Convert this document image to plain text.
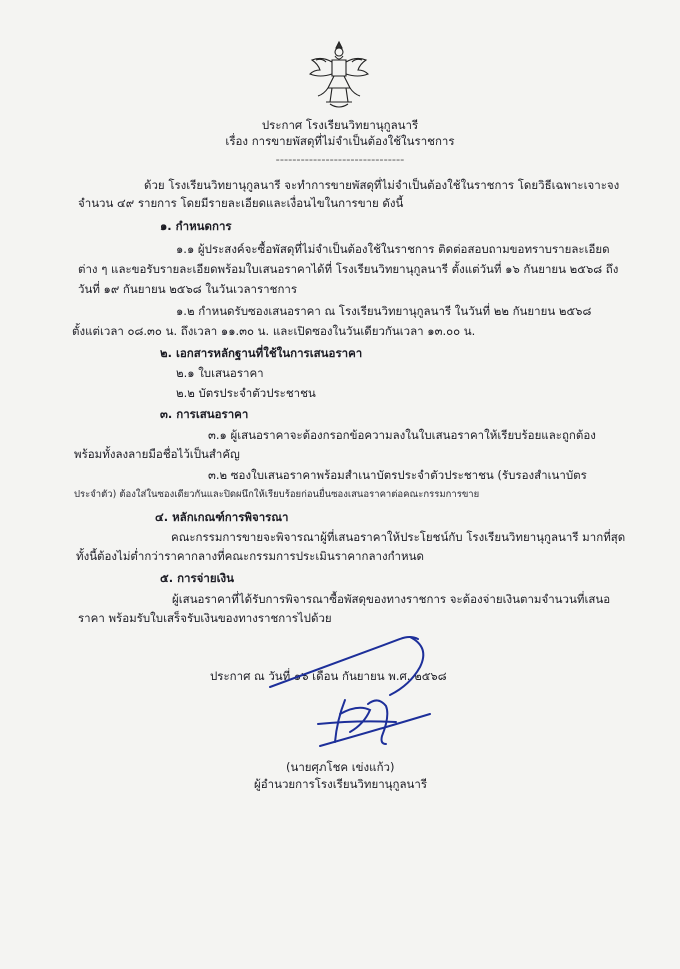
ประกาศ โรงเรียนวิทยานุกูลนารี
เรื่อง การขายพัสดุที่ไม่จำเป็นต้องใช้ในราชการ
-------------------------------
ด้วย โรงเรียนวิทยานุกูลนารี จะทำการขายพัสดุที่ไม่จำเป็นต้องใช้ในราชการ โดยวิธีเฉพาะเจาะจง
จำนวน ๔๙ รายการ โดยมีรายละเอียดและเงื่อนไขในการขาย ดังนี้
๑. กำหนดการ
๑.๑ ผู้ประสงค์จะซื้อพัสดุที่ไม่จำเป็นต้องใช้ในราชการ ติดต่อสอบถามขอทราบรายละเอียด
ต่าง ๆ และขอรับรายละเอียดพร้อมใบเสนอราคาได้ที่ โรงเรียนวิทยานุกูลนารี ตั้งแต่วันที่ ๑๖ กันยายน ๒๕๖๘ ถึง
วันที่ ๑๙ กันยายน ๒๕๖๘ ในวันเวลาราชการ
๑.๒ กำหนดรับซองเสนอราคา ณ โรงเรียนวิทยานุกูลนารี ในวันที่ ๒๒ กันยายน ๒๕๖๘
ตั้งแต่เวลา ๐๘.๓๐ น. ถึงเวลา ๑๑.๓๐ น. และเปิดซองในวันเดียวกันเวลา ๑๓.๐๐ น.
๒. เอกสารหลักฐานที่ใช้ในการเสนอราคา
๒.๑ ใบเสนอราคา
๒.๒ บัตรประจำตัวประชาชน
๓. การเสนอราคา
๓.๑ ผู้เสนอราคาจะต้องกรอกข้อความลงในใบเสนอราคาให้เรียบร้อยและถูกต้อง
พร้อมทั้งลงลายมือชื่อไว้เป็นสำคัญ
๓.๒ ซองใบเสนอราคาพร้อมสำเนาบัตรประจำตัวประชาชน (รับรองสำเนาบัตร
ประจำตัว) ต้องใส่ในซองเดียวกันและปิดผนึกให้เรียบร้อยก่อนยื่นซองเสนอราคาต่อคณะกรรมการขาย
๔. หลักเกณฑ์การพิจารณา
คณะกรรมการขายจะพิจารณาผู้ที่เสนอราคาให้ประโยชน์กับ โรงเรียนวิทยานุกูลนารี มากที่สุด
ทั้งนี้ต้องไม่ต่ำกว่าราคากลางที่คณะกรรมการประเมินราคากลางกำหนด
๕. การจ่ายเงิน
ผู้เสนอราคาที่ได้รับการพิจารณาซื้อพัสดุของทางราชการ จะต้องจ่ายเงินตามจำนวนที่เสนอ
ราคา พร้อมรับใบเสร็จรับเงินของทางราชการไปด้วย
ประกาศ ณ วันที่ ๑๖ เดือน กันยายน พ.ศ. ๒๕๖๘
(นายศุภโชค เข่งแก้ว)
ผู้อำนวยการโรงเรียนวิทยานุกูลนารี
